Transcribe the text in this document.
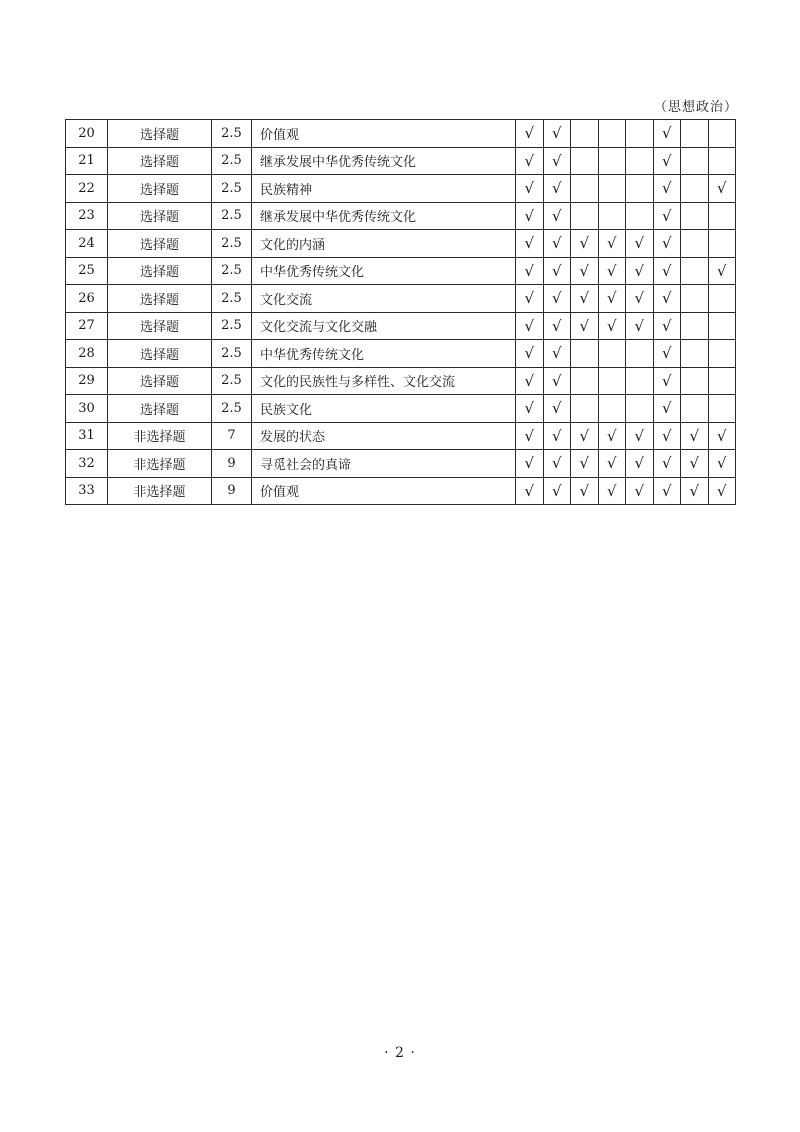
（思想政治）
20	选择题	2.5	价值观	√	√				√		
21	选择题	2.5	继承发展中华优秀传统文化	√	√				√		
22	选择题	2.5	民族精神	√	√				√		√
23	选择题	2.5	继承发展中华优秀传统文化	√	√				√		
24	选择题	2.5	文化的内涵	√	√	√	√	√	√		
25	选择题	2.5	中华优秀传统文化	√	√	√	√	√	√		√
26	选择题	2.5	文化交流	√	√	√	√	√	√		
27	选择题	2.5	文化交流与文化交融	√	√	√	√	√	√		
28	选择题	2.5	中华优秀传统文化	√	√				√		
29	选择题	2.5	文化的民族性与多样性、文化交流	√	√				√		
30	选择题	2.5	民族文化	√	√				√		
31	非选择题	7	发展的状态	√	√	√	√	√	√	√	√
32	非选择题	9	寻觅社会的真谛	√	√	√	√	√	√	√	√
33	非选择题	9	价值观	√	√	√	√	√	√	√	√
· 2 ·
